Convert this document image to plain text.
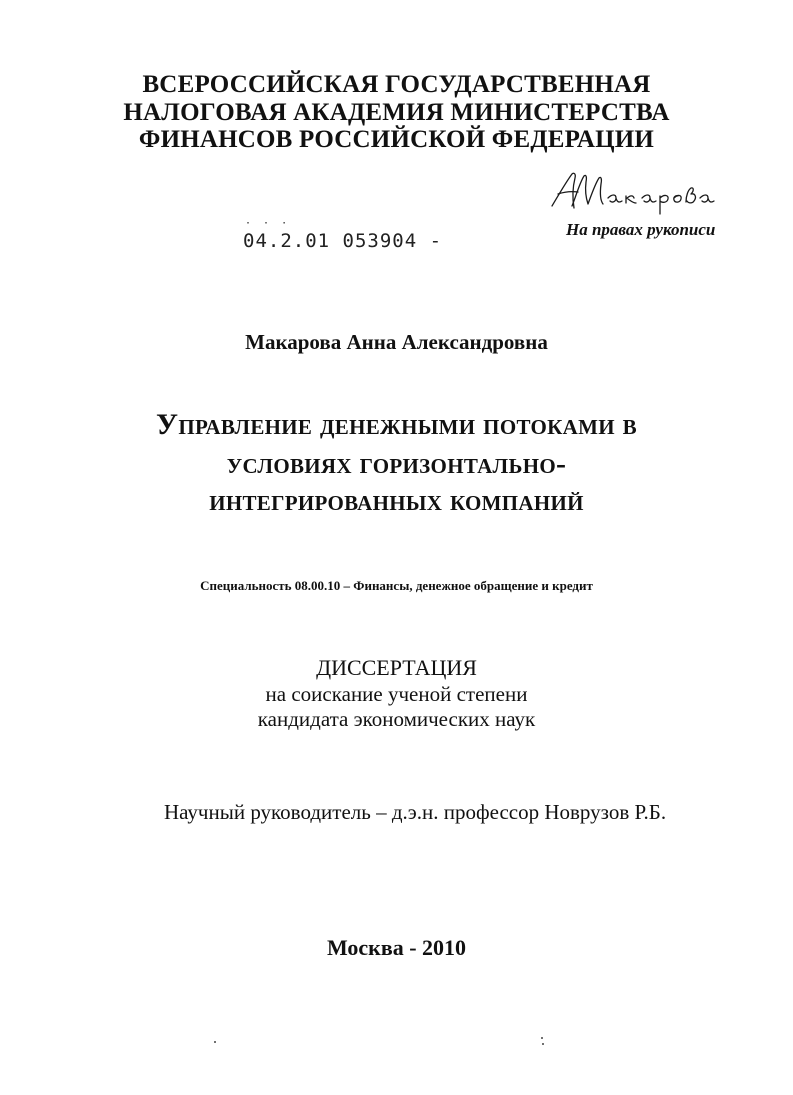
ВСЕРОССИЙСКАЯ ГОСУДАРСТВЕННАЯ
НАЛОГОВАЯ АКАДЕМИЯ МИНИСТЕРСТВА
ФИНАНСОВ РОССИЙСКОЙ ФЕДЕРАЦИИ
AMакарова
На правах рукописи
· · ·
04.2.01 053904 -
Макарова Анна Александровна
Управление денежными потоками в
условиях горизонтально-
интегрированных компаний
Специальность 08.00.10 – Финансы, денежное обращение и кредит
ДИССЕРТАЦИЯ
на соискание ученой степени
кандидата экономических наук
Научный руководитель – д.э.н. профессор Новрузов Р.Б.
Москва - 2010
